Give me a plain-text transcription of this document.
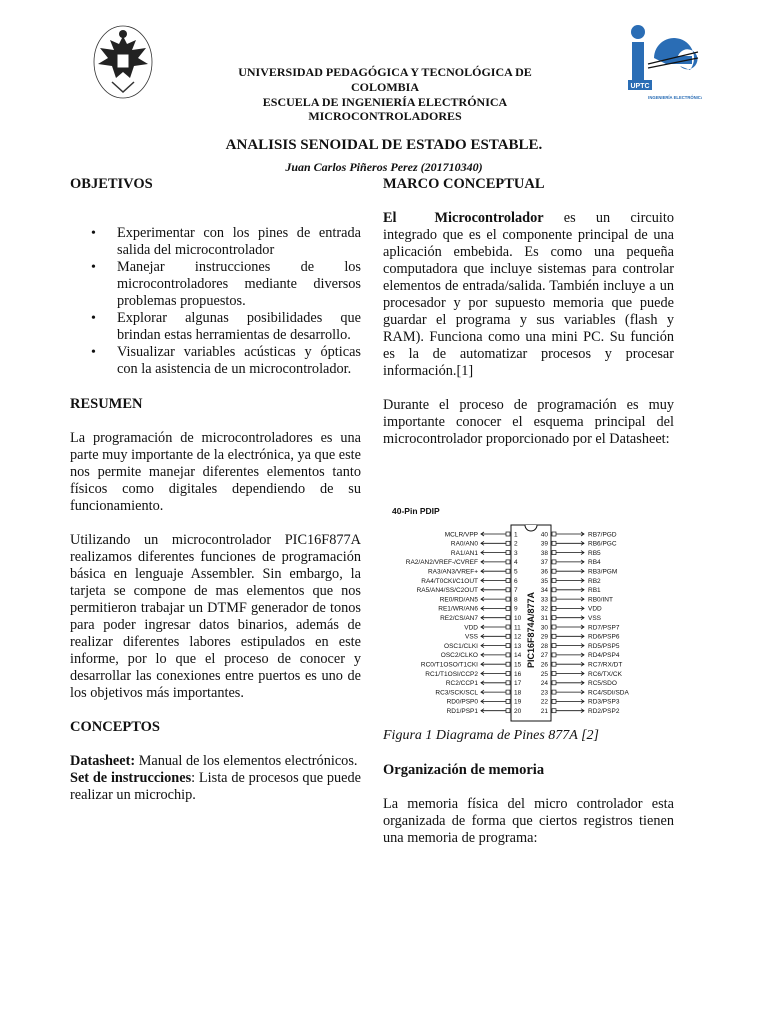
UPTC
INGENIERÍA ELECTRÓNICA
UNIVERSIDAD PEDAGÓGICA Y TECNOLÓGICA DE
COLOMBIA
ESCUELA DE INGENIERÍA ELECTRÓNICA
MICROCONTROLADORES
ANALISIS SENOIDAL DE ESTADO ESTABLE.
Juan Carlos Piñeros Perez (201710340)
OBJETIVOS
• Experimentar con los pines de entrada salida del microcontrolador
• Manejar instrucciones de los microcontroladores mediante diversos problemas propuestos.
• Explorar algunas posibilidades que brindan estas herramientas de desarrollo.
• Visualizar variables acústicas y ópticas con la asistencia de un microcontrolador.
RESUMEN

La programación de microcontroladores es una parte muy importante de la electrónica, ya que este nos permite manejar diferentes elementos tanto físicos como digitales dependiendo de su funcionamiento.

Utilizando un microcontrolador PIC16F877A realizamos diferentes funciones de programación básica en lenguaje Assembler. Sin embargo, la tarjeta se compone de mas elementos que nos permitieron trabajar un DTMF generador de tonos para poder ingresar datos binarios, además de realizar diferentes labores estipulados en este informe, por lo que el proceso de conocer y desarrollar las conexiones entre puertos es uno de los objetivos más importantes.

CONCEPTOS

Datasheet: Manual de los elementos electrónicos.

Set de instrucciones: Lista de procesos que puede realizar un microchip.

MARCO CONCEPTUAL

El	Microcontrolador es un circuito integrado que es el componente principal de una aplicación embebida. Es como una pequeña computadora que incluye sistemas para controlar elementos de entrada/salida. También incluye a un procesador y por supuesto memoria que puede guardar el programa y sus variables (flash y RAM). Funciona como una mini PC. Su función es la de automatizar procesos y procesar información.[1]

Durante el proceso de programación es muy importante conocer el esquema principal del microcontrolador proporcionado por el Datasheet:

40-Pin PDIP
PIC16F874A/877A
MCLR/VPP	1
RA0/AN0	2
RA1/AN1	3
RA2/AN2/VREF-/CVREF	4
RA3/AN3/VREF+	5
RA4/T0CKI/C1OUT	6
RA5/AN4/SS/C2OUT	7
RE0/RD/AN5	8
RE1/WR/AN6	9
RE2/CS/AN7	10
VDD	11
VSS	12
OSC1/CLKI	13
OSC2/CLKO	14
RC0/T1OSO/T1CKI	15
RC1/T1OSI/CCP2	16
RC2/CCP1	17
RC3/SCK/SCL	18
RD0/PSP0	19
RD1/PSP1	20
40	RB7/PGD
39	RB6/PGC
38	RB5
37	RB4
36	RB3/PGM
35	RB2
34	RB1
33	RB0/INT
32	VDD
31	VSS
30	RD7/PSP7
29	RD6/PSP6
28	RD5/PSP5
27	RD4/PSP4
26	RC7/RX/DT
25	RC6/TX/CK
24	RC5/SDO
23	RC4/SDI/SDA
22	RD3/PSP3
21	RD2/PSP2
Figura 1 Diagrama de Pines 877A [2]
Organización de memoria

La memoria física del micro controlador esta organizada de forma que ciertos registros tienen una memoria de programa:
